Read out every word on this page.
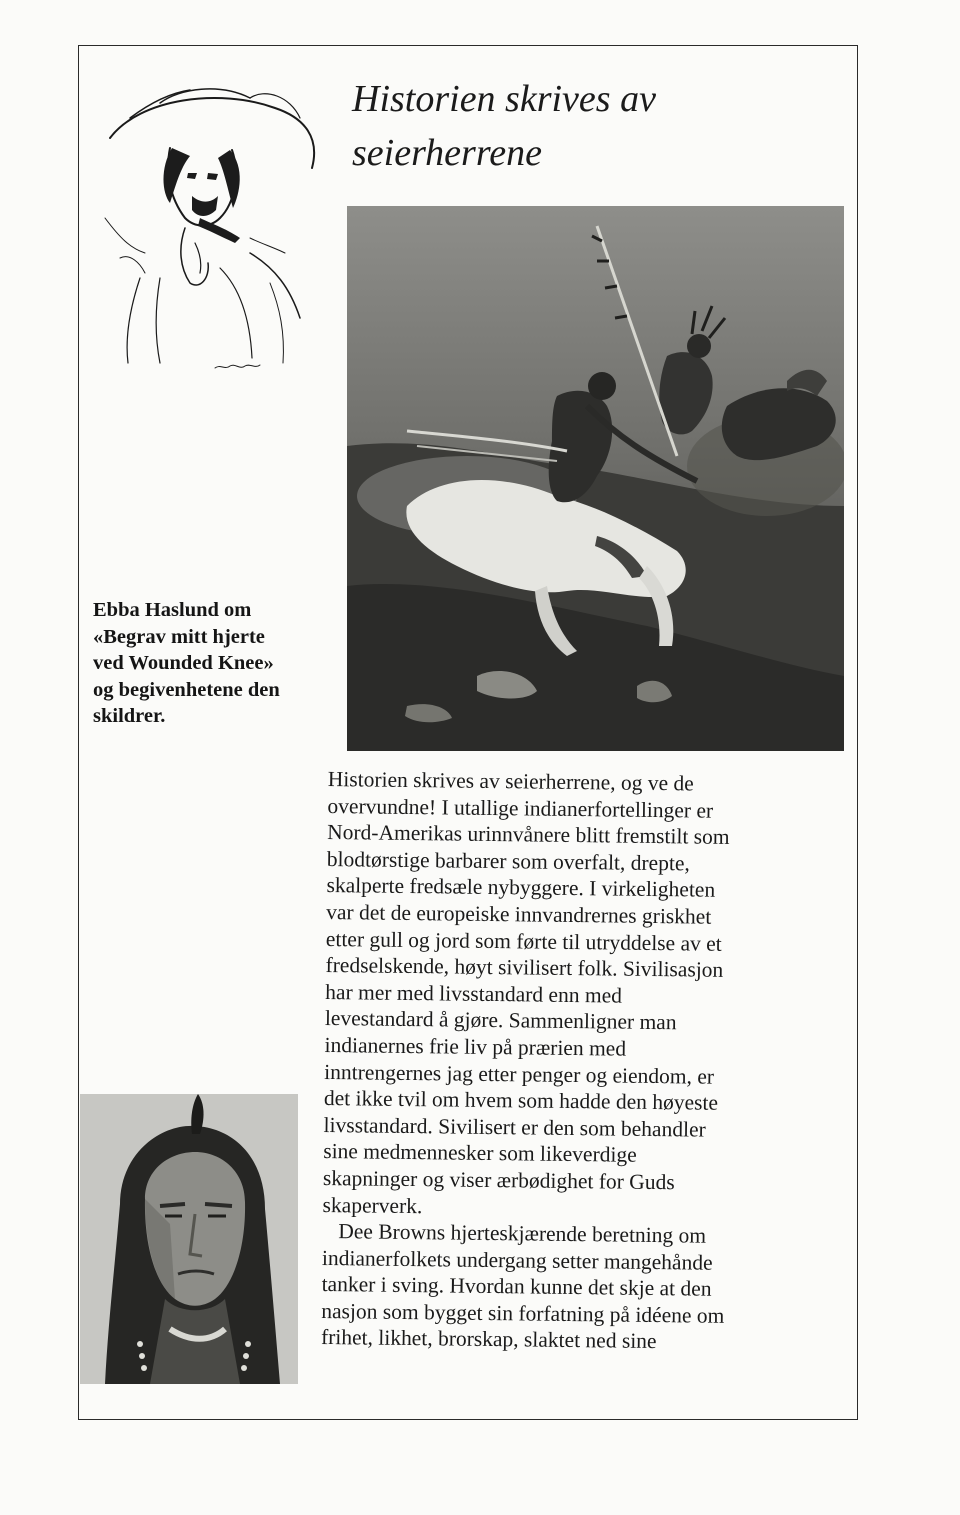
Historien skrives av
seierherrene

Ebba Haslund om
«Begrav mitt hjerte
ved Wounded Knee»
og begivenhetene den
skildrer.

Historien skrives av seierherrene, og ve de
overvundne! I utallige indianerfortellinger er
Nord-Amerikas urinnvånere blitt fremstilt som
blodtørstige barbarer som overfalt, drepte,
skalperte fredsæle nybyggere. I virkeligheten
var det de europeiske innvandrernes griskhet
etter gull og jord som førte til utryddelse av et
fredselskende, høyt sivilisert folk. Sivilisasjon
har mer med livsstandard enn med
levestandard å gjøre. Sammenligner man
indianernes frie liv på prærien med
inntrengernes jag etter penger og eiendom, er
det ikke tvil om hvem som hadde den høyeste
livsstandard. Sivilisert er den som behandler
sine medmennesker som likeverdige
skapninger og viser ærbødighet for Guds
skaperverk.
Dee Browns hjerteskjærende beretning om
indianerfolkets undergang setter mangehånde
tanker i sving. Hvordan kunne det skje at den
nasjon som bygget sin forfatning på idéene om
frihet, likhet, brorskap, slaktet ned sine
